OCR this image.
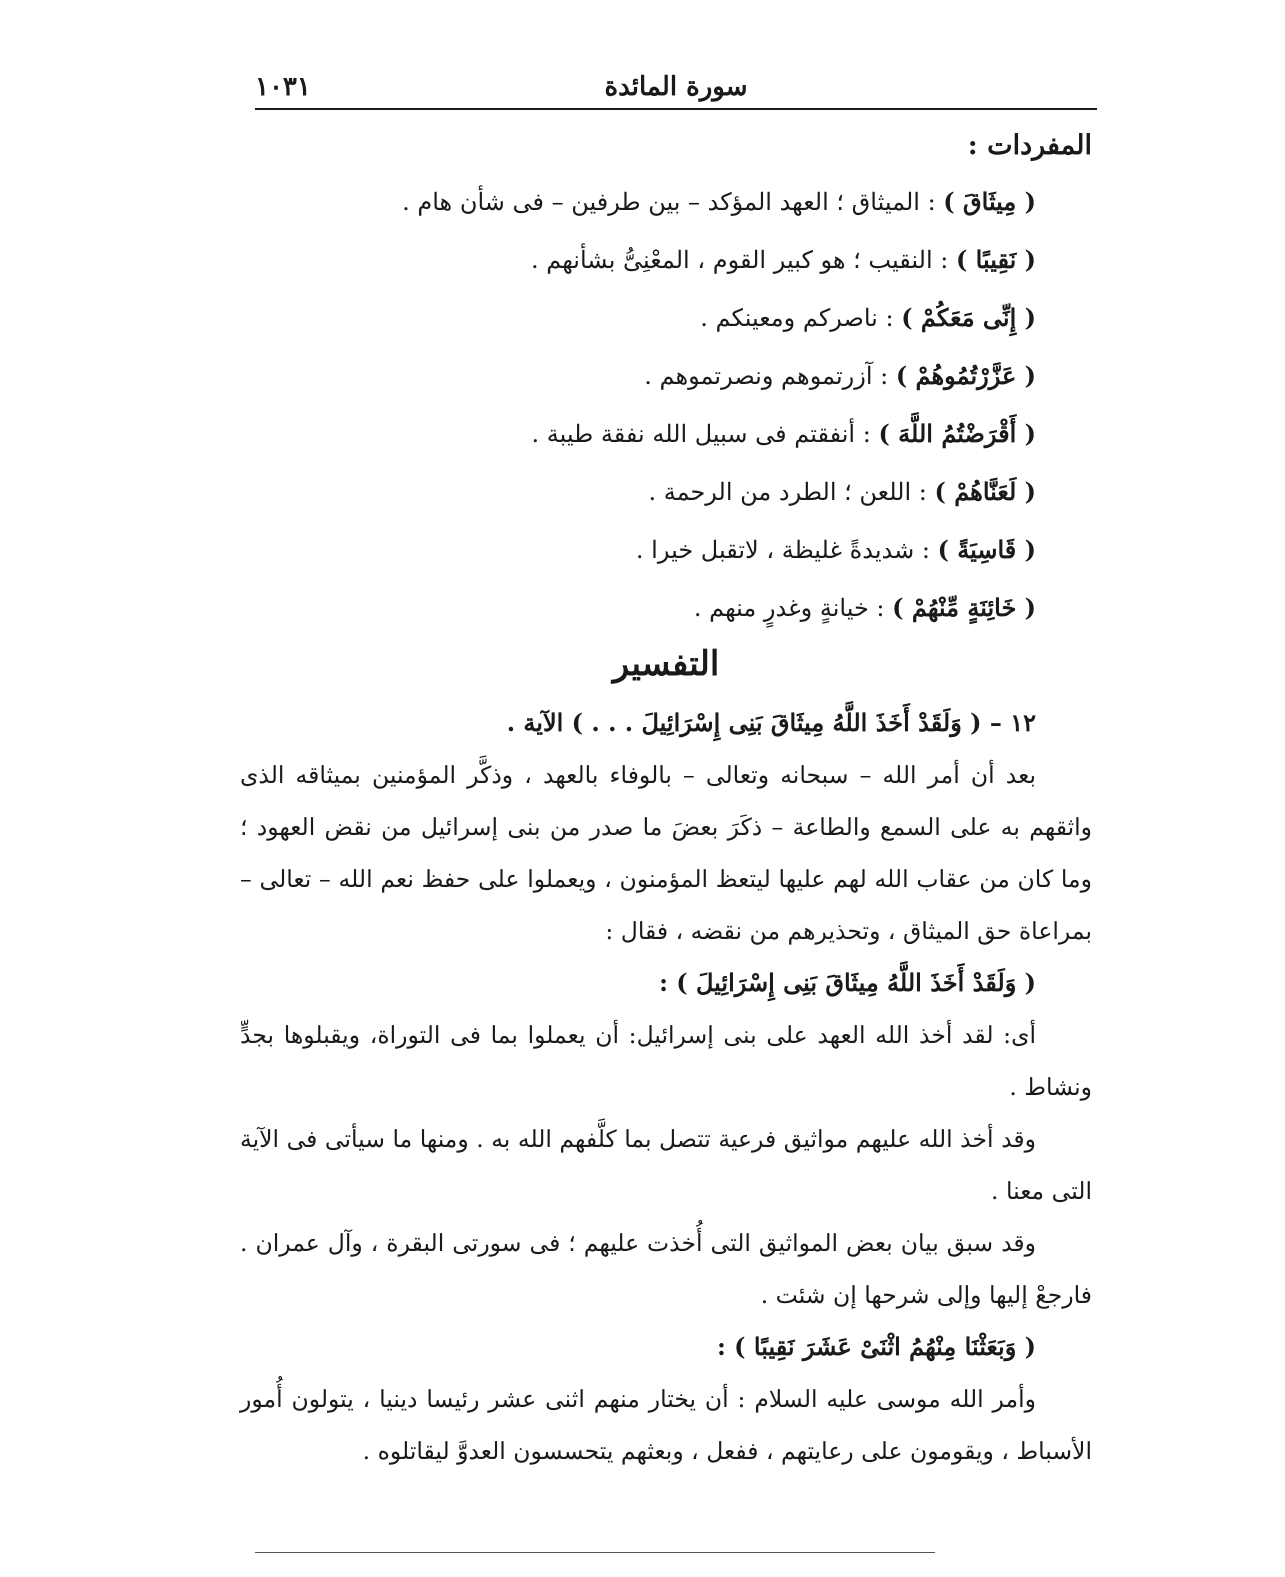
سورة المائدة
١٠٣١
المفردات :
( مِيثَاقَ ) : الميثاق ؛ العهد المؤكد – بين طرفين – فى شأن هام .
( نَقِيبًا ) : النقيب ؛ هو كبير القوم ، المعْنِىُّ بشأنهم .
( إِنِّى مَعَكُمْ ) : ناصركم ومعينكم .
( عَزَّرْتُمُوهُمْ ) : آزرتموهم ونصرتموهم .
( أَقْرَضْتُمُ اللَّهَ ) : أنفقتم فى سبيل الله نفقة طيبة .
( لَعَنَّاهُمْ ) : اللعن ؛ الطرد من الرحمة .
( قَاسِيَةً ) : شديدةً غليظة ، لاتقبل خيرا .
( خَائِنَةٍ مِّنْهُمْ ) : خيانةٍ وغدرٍ منهم .
التفسير
١٢ – ( وَلَقَدْ أَخَذَ اللَّهُ مِيثَاقَ بَنِى إِسْرَائِيلَ . . . ) الآية .

بعد أن أمر الله – سبحانه وتعالى – بالوفاء بالعهد ، وذكَّر المؤمنين بميثاقه الذى واثقهم به على السمع والطاعة – ذكَرَ بعضَ ما صدر من بنى إسرائيل من نقض العهود ؛ وما كان من عقاب الله لهم عليها ليتعظ المؤمنون ، ويعملوا على حفظ نعم الله – تعالى – بمراعاة حق الميثاق ، وتحذيرهم من نقضه ، فقال :

( وَلَقَدْ أَخَذَ اللَّهُ مِيثَاقَ بَنِى إِسْرَائِيلَ ) :

أى: لقد أخذ الله العهد على بنى إسرائيل: أن يعملوا بما فى التوراة، ويقبلوها بجدٍّ ونشاط .

وقد أخذ الله عليهم مواثيق فرعية تتصل بما كلَّفهم الله به . ومنها ما سيأتى فى الآية التى معنا .

وقد سبق بيان بعض المواثيق التى أُخذت عليهم ؛ فى سورتى البقرة ، وآل عمران . فارجعْ إليها وإلى شرحها إن شئت .

( وَبَعَثْنَا مِنْهُمُ اثْنَىْ عَشَرَ نَقِيبًا ) :

وأمر الله موسى عليه السلام : أن يختار منهم اثنى عشر رئيسا دينيا ، يتولون أُمور الأسباط ، ويقومون على رعايتهم ، ففعل ، وبعثهم يتحسسون العدوَّ ليقاتلوه .
